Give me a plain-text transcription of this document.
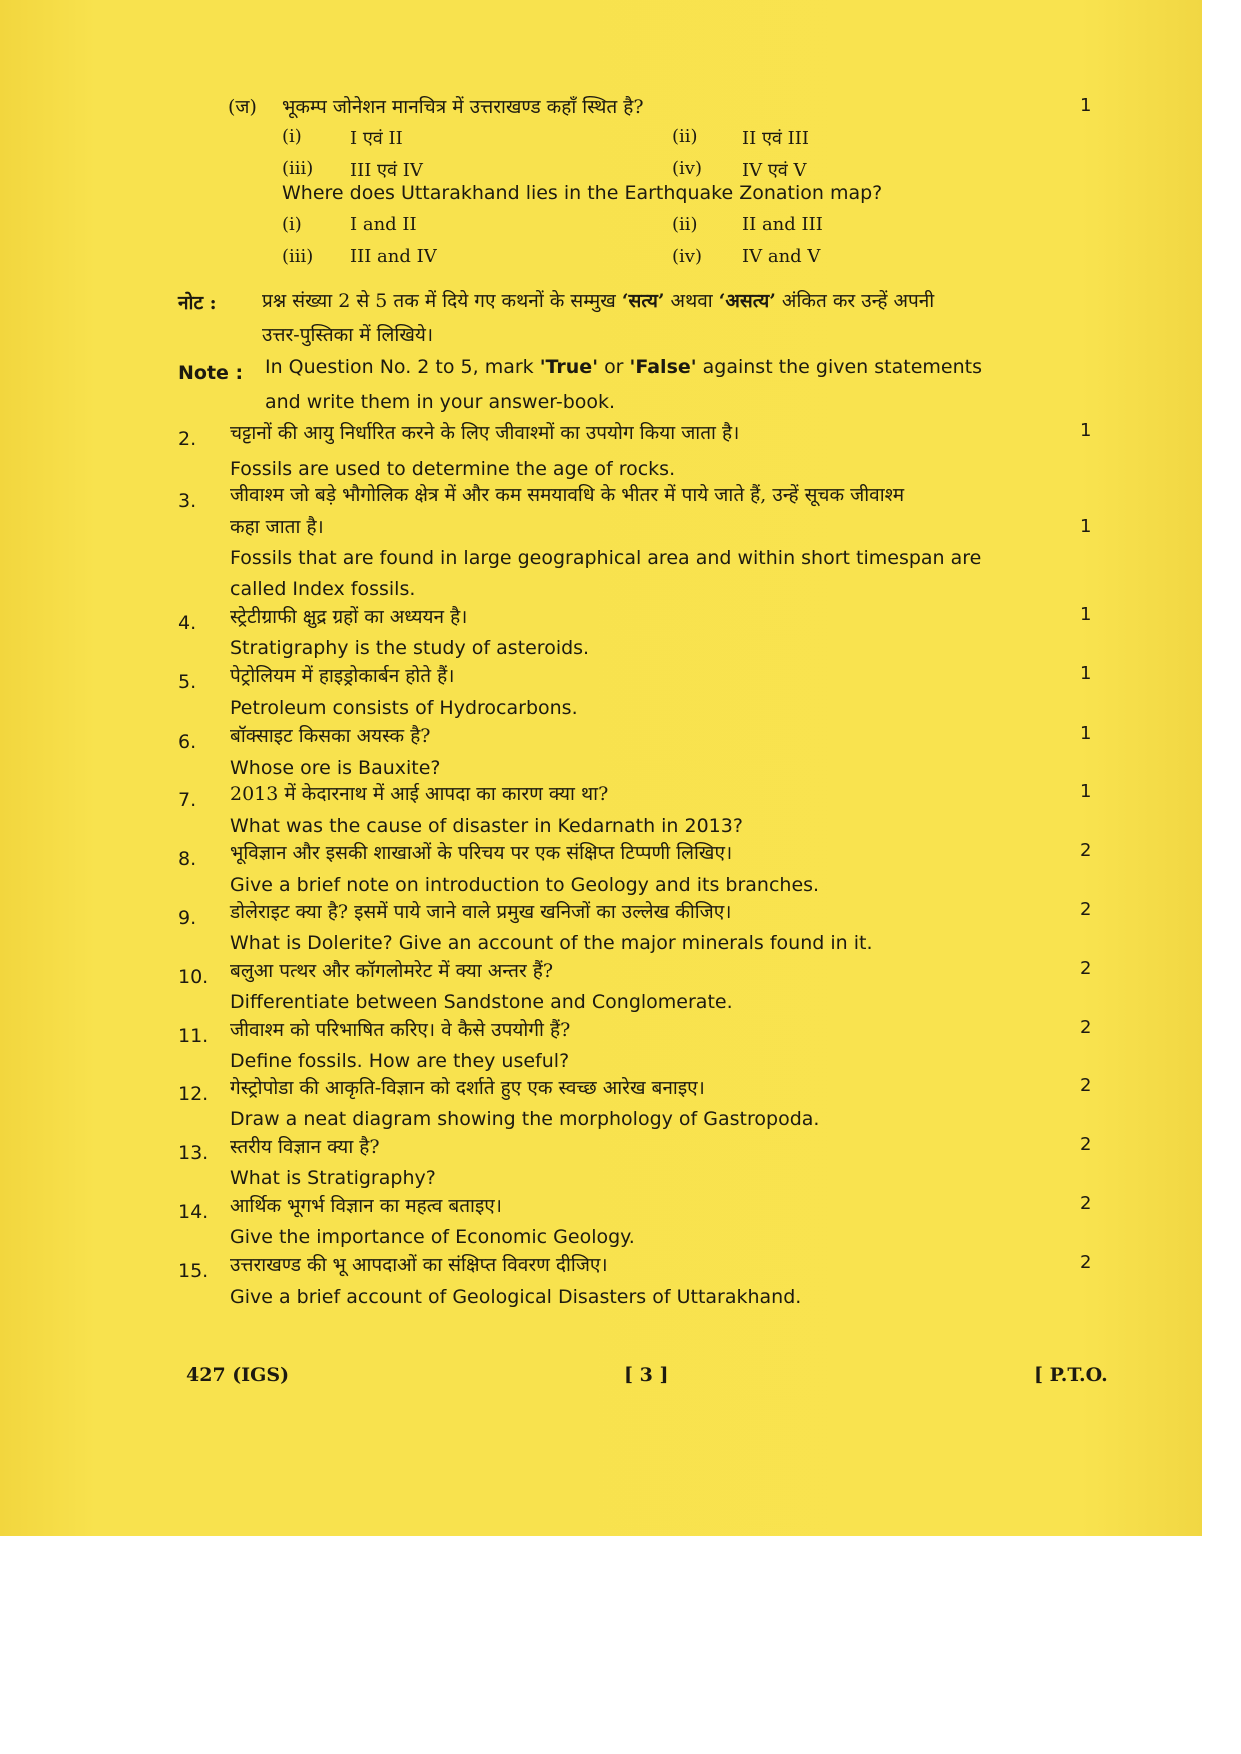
(ज) भूकम्प जोनेशन मानचित्र में उत्तराखण्ड कहाँ स्थित है?	1
(i)	I एवं II	(ii) II एवं III
(iii) III एवं IV	(iv) IV एवं V
Where does Uttarakhand lies in the Earthquake Zonation map?
(i)	I and II	(ii) II and III
(iii) III and IV	(iv) IV and V
नोट : प्रश्न संख्या 2 से 5 तक में दिये गए कथनों के सम्मुख ‘सत्य’ अथवा ‘असत्य’ अंकित कर उन्हें अपनी
उत्तर-पुस्तिका में लिखिये।
Note : In Question No. 2 to 5, mark 'True' or 'False' against the given statements
and write them in your answer-book.
2. चट्टानों की आयु निर्धारित करने के लिए जीवाश्मों का उपयोग किया जाता है।	1
Fossils are used to determine the age of rocks.
3. जीवाश्म जो बड़े भौगोलिक क्षेत्र में और कम समयावधि के भीतर में पाये जाते हैं, उन्हें सूचक जीवाश्म
कहा जाता है।	1
Fossils that are found in large geographical area and within short timespan are
called Index fossils.
4. स्ट्रेटीग्राफी क्षुद्र ग्रहों का अध्ययन है।	1
Stratigraphy is the study of asteroids.
5. पेट्रोलियम में हाइड्रोकार्बन होते हैं।	1
Petroleum consists of Hydrocarbons.
6. बॉक्साइट किसका अयस्क है?	1
Whose ore is Bauxite?
7. 2013 में केदारनाथ में आई आपदा का कारण क्या था?	1
What was the cause of disaster in Kedarnath in 2013?
8. भूविज्ञान और इसकी शाखाओं के परिचय पर एक संक्षिप्त टिप्पणी लिखिए।	2
Give a brief note on introduction to Geology and its branches.
9. डोलेराइट क्या है? इसमें पाये जाने वाले प्रमुख खनिजों का उल्लेख कीजिए।	2
What is Dolerite? Give an account of the major minerals found in it.
10. बलुआ पत्थर और कॉगलोमरेट में क्या अन्तर हैं?	2
Differentiate between Sandstone and Conglomerate.
11. जीवाश्म को परिभाषित करिए। वे कैसे उपयोगी हैं?	2
Define fossils. How are they useful?
12. गेस्ट्रोपोडा की आकृति-विज्ञान को दर्शाते हुए एक स्वच्छ आरेख बनाइए।	2
Draw a neat diagram showing the morphology of Gastropoda.
13. स्तरीय विज्ञान क्या है?	2
What is Stratigraphy?
14. आर्थिक भूगर्भ विज्ञान का महत्व बताइए।	2
Give the importance of Economic Geology.
15. उत्तराखण्ड की भू आपदाओं का संक्षिप्त विवरण दीजिए।	2
Give a brief account of Geological Disasters of Uttarakhand.
427 (IGS)	[ 3 ]	[ P.T.O.
